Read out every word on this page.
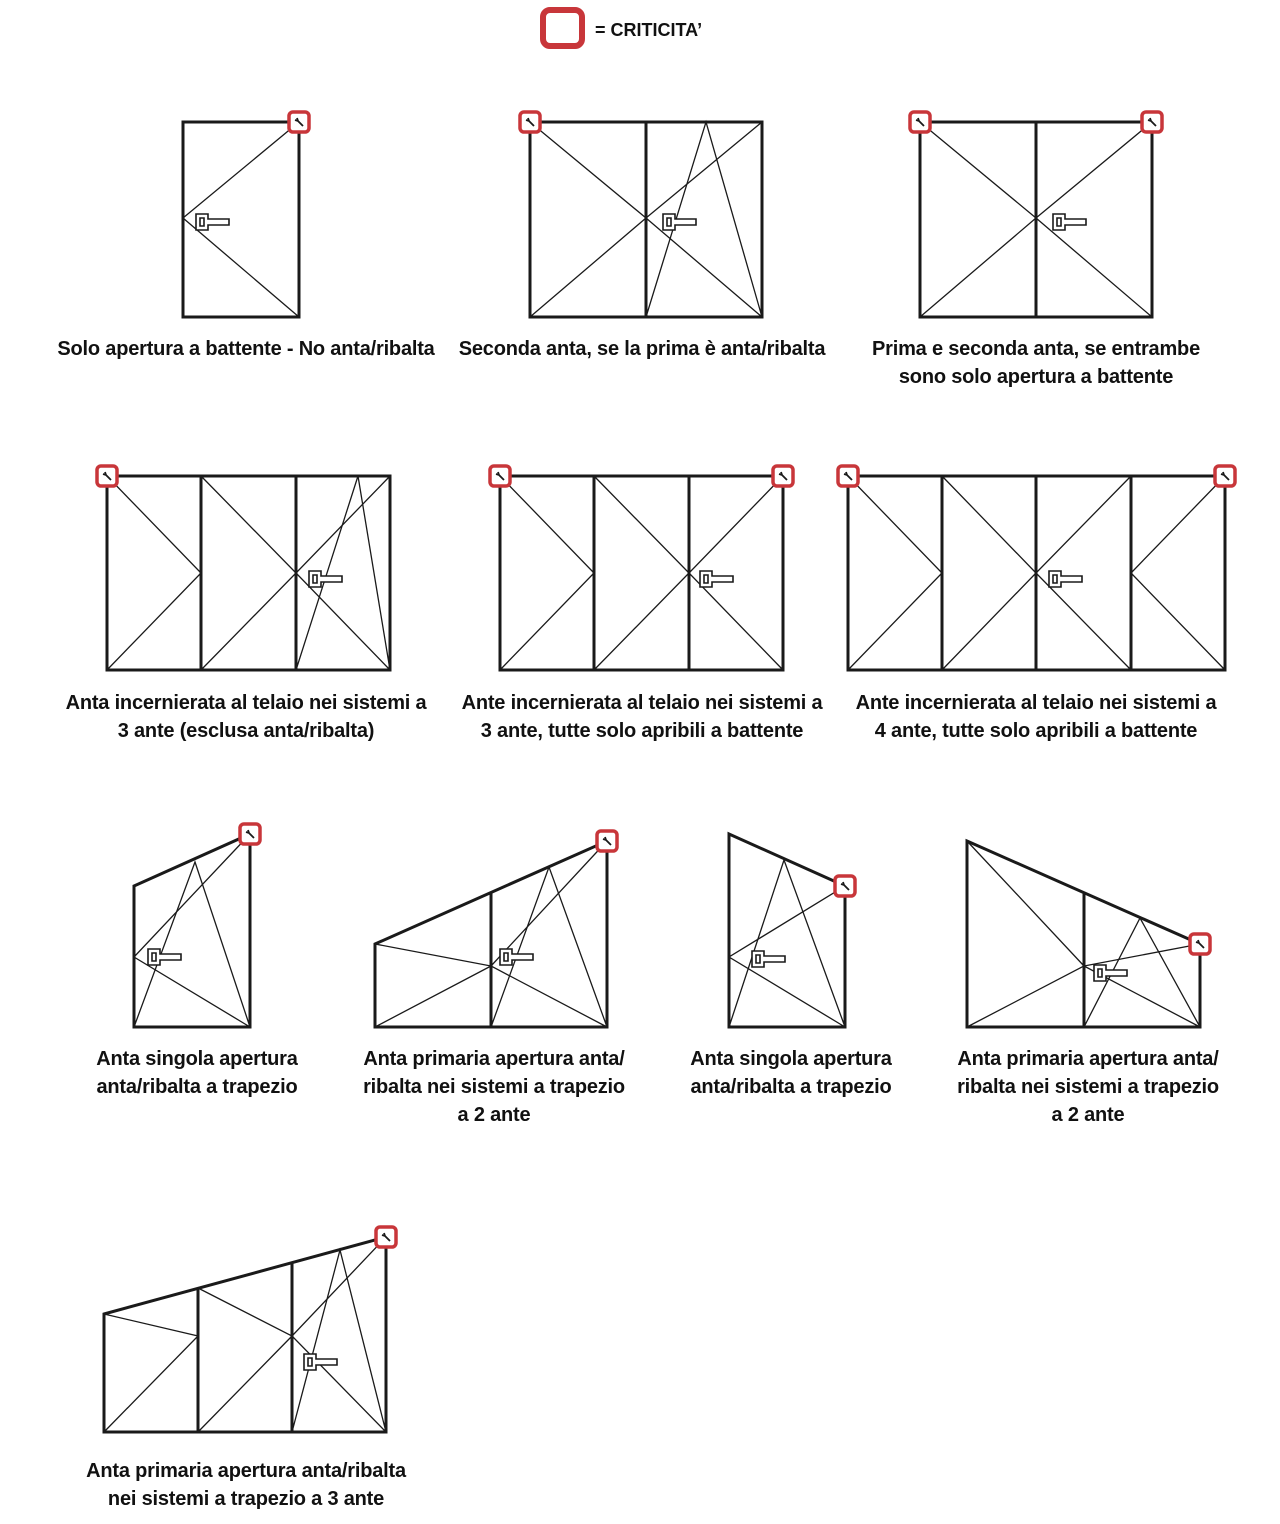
= CRITICITA’
Solo apertura a battente - No anta/ribalta Seconda anta, se la prima è anta/ribalta Prima e seconda anta, se entrambe
sono solo apertura a battente
Anta incernierata al telaio nei sistemi a
3 ante (esclusa anta/ribalta)
Ante incernierata al telaio nei sistemi a
3 ante, tutte solo apribili a battente
Ante incernierata al telaio nei sistemi a
4 ante, tutte solo apribili a battente
Anta singola apertura
anta/ribalta a trapezio
Anta primaria apertura anta/
ribalta nei sistemi a trapezio
a 2 ante
Anta singola apertura
anta/ribalta a trapezio
Anta primaria apertura anta/
ribalta nei sistemi a trapezio
a 2 ante
Anta primaria apertura anta/ribalta
nei sistemi a trapezio a 3 ante
